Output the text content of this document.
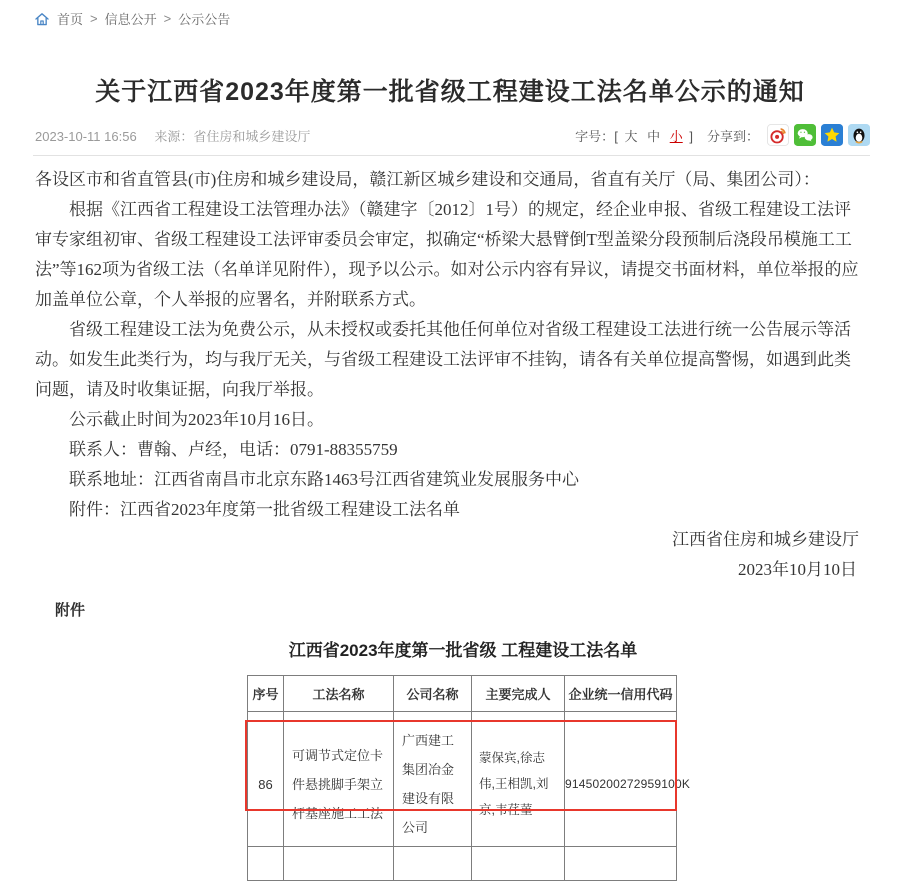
首页 > 信息公开 > 公示公告
关于江西省2023年度第一批省级工程建设工法名单公示的通知
2023-10-11 16:56 来源：省住房和城乡建设厅	字号：[ 大 中 小 ] 分享到：

各设区市和省直管县(市)住房和城乡建设局，赣江新区城乡建设和交通局，省直有关厅（局、集团公司）：

根据《江西省工程建设工法管理办法》（赣建字〔2012〕1号）的规定，经企业申报、省级工程建设工法评审专家组初审、省级工程建设工法评审委员会审定，拟确定“桥梁大悬臂倒T型盖梁分段预制后浇段吊模施工工法”等162项为省级工法（名单详见附件），现予以公示。如对公示内容有异议，请提交书面材料，单位举报的应加盖单位公章，个人举报的应署名，并附联系方式。

省级工程建设工法为免费公示，从未授权或委托其他任何单位对省级工程建设工法进行统一公告展示等活动。如发生此类行为，均与我厅无关，与省级工程建设工法评审不挂钩，请各有关单位提高警惕，如遇到此类问题，请及时收集证据，向我厅举报。

公示截止时间为2023年10月16日。

联系人：曹翰、卢经，电话：0791-88355759

联系地址：江西省南昌市北京东路1463号江西省建筑业发展服务中心

附件：江西省2023年度第一批省级工程建设工法名单

江西省住房和城乡建设厅
2023年10月10日
附件
江西省2023年度第一批省级 工程建设工法名单
序号	工法名称	公司名称	主要完成人	企业统一信用代码

86	可调节式定位卡件悬挑脚手架立杆基座施工工法	广西建工集团冶金建设有限公司	蒙保宾,徐志伟,王相凯,刘京,韦荏菫	91450200272959100K
